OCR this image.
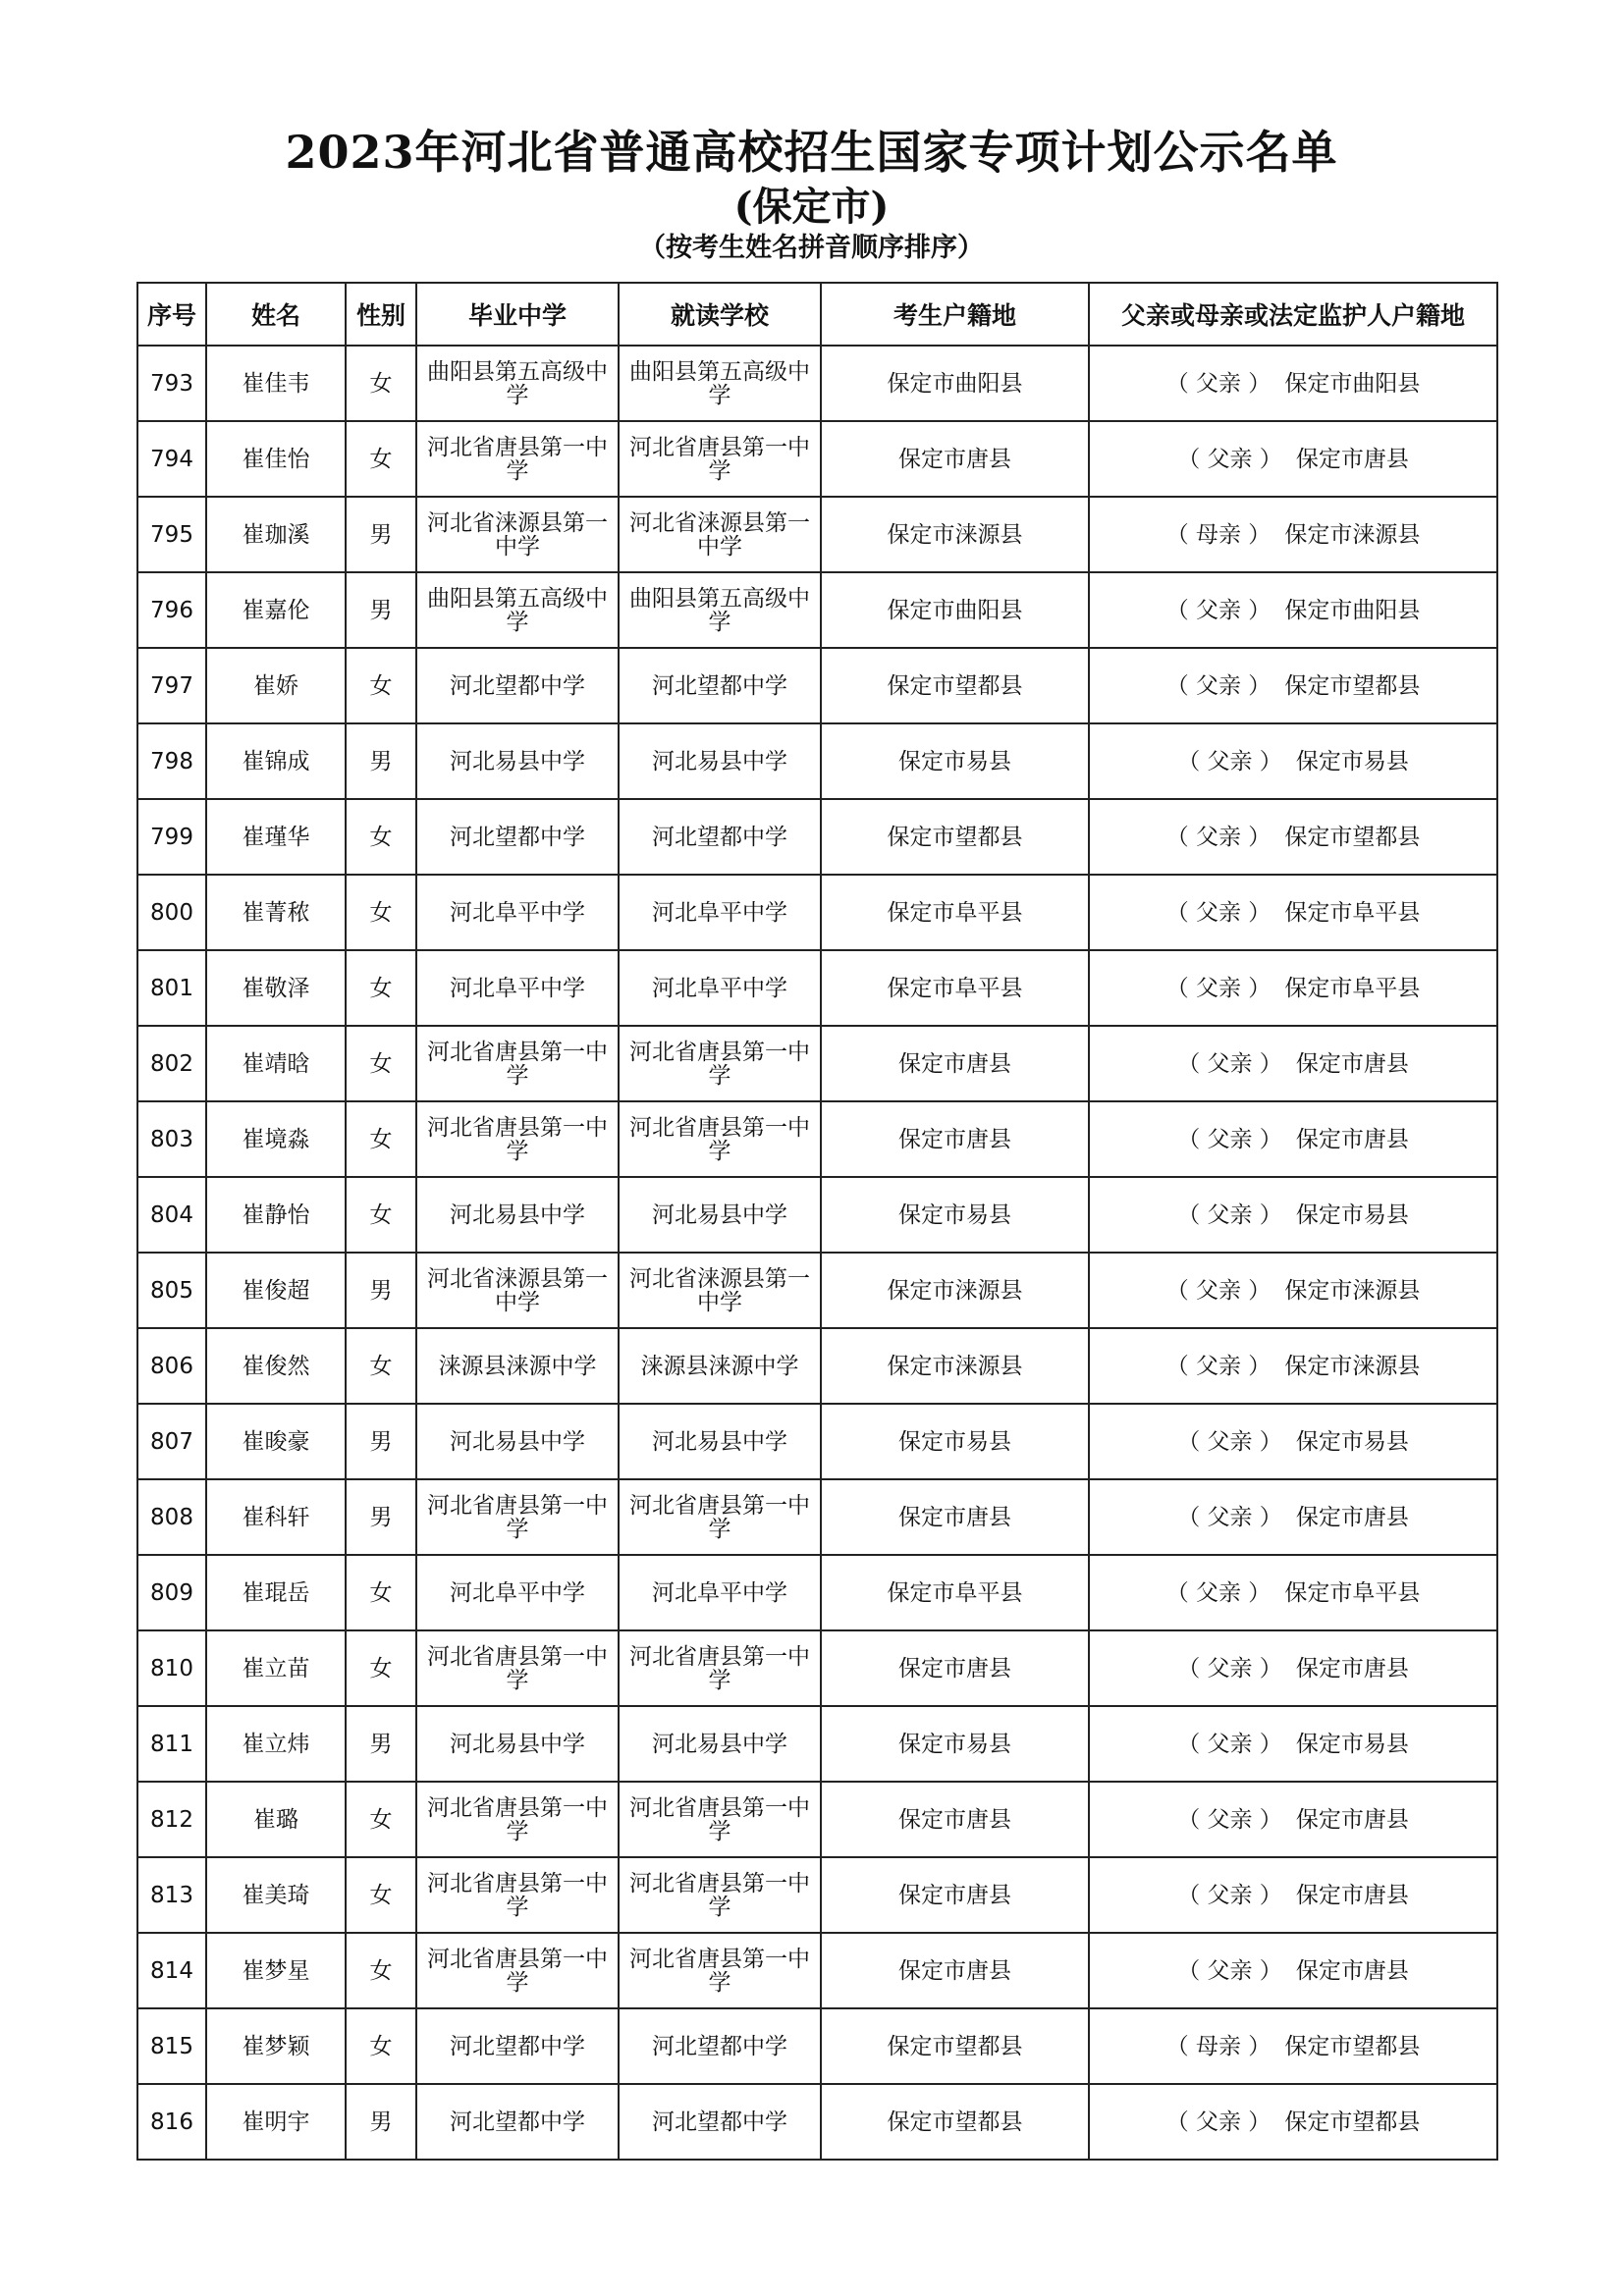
2023年河北省普通高校招生国家专项计划公示名单
(保定市)
（按考生姓名拼音顺序排序）
序号	姓名	性别	毕业中学	就读学校	考生户籍地	父亲或母亲或法定监护人户籍地
793	崔佳韦	女	曲阳县第五高级中学	曲阳县第五高级中学	保定市曲阳县	（ 父亲 ） 保定市曲阳县
794	崔佳怡	女	河北省唐县第一中学	河北省唐县第一中学	保定市唐县	（ 父亲 ） 保定市唐县
795	崔珈溪	男	河北省涞源县第一中学	河北省涞源县第一中学	保定市涞源县	（ 母亲 ） 保定市涞源县
796	崔嘉伦	男	曲阳县第五高级中学	曲阳县第五高级中学	保定市曲阳县	（ 父亲 ） 保定市曲阳县
797	崔娇	女	河北望都中学	河北望都中学	保定市望都县	（ 父亲 ） 保定市望都县
798	崔锦成	男	河北易县中学	河北易县中学	保定市易县	（ 父亲 ） 保定市易县
799	崔瑾华	女	河北望都中学	河北望都中学	保定市望都县	（ 父亲 ） 保定市望都县
800	崔菁秾	女	河北阜平中学	河北阜平中学	保定市阜平县	（ 父亲 ） 保定市阜平县
801	崔敬泽	女	河北阜平中学	河北阜平中学	保定市阜平县	（ 父亲 ） 保定市阜平县
802	崔靖晗	女	河北省唐县第一中学	河北省唐县第一中学	保定市唐县	（ 父亲 ） 保定市唐县
803	崔境淼	女	河北省唐县第一中学	河北省唐县第一中学	保定市唐县	（ 父亲 ） 保定市唐县
804	崔静怡	女	河北易县中学	河北易县中学	保定市易县	（ 父亲 ） 保定市易县
805	崔俊超	男	河北省涞源县第一中学	河北省涞源县第一中学	保定市涞源县	（ 父亲 ） 保定市涞源县
806	崔俊然	女	涞源县涞源中学	涞源县涞源中学	保定市涞源县	（ 父亲 ） 保定市涞源县
807	崔晙豪	男	河北易县中学	河北易县中学	保定市易县	（ 父亲 ） 保定市易县
808	崔科轩	男	河北省唐县第一中学	河北省唐县第一中学	保定市唐县	（ 父亲 ） 保定市唐县
809	崔琨岳	女	河北阜平中学	河北阜平中学	保定市阜平县	（ 父亲 ） 保定市阜平县
810	崔立苗	女	河北省唐县第一中学	河北省唐县第一中学	保定市唐县	（ 父亲 ） 保定市唐县
811	崔立炜	男	河北易县中学	河北易县中学	保定市易县	（ 父亲 ） 保定市易县
812	崔璐	女	河北省唐县第一中学	河北省唐县第一中学	保定市唐县	（ 父亲 ） 保定市唐县
813	崔美琦	女	河北省唐县第一中学	河北省唐县第一中学	保定市唐县	（ 父亲 ） 保定市唐县
814	崔梦星	女	河北省唐县第一中学	河北省唐县第一中学	保定市唐县	（ 父亲 ） 保定市唐县
815	崔梦颖	女	河北望都中学	河北望都中学	保定市望都县	（ 母亲 ） 保定市望都县
816	崔明宇	男	河北望都中学	河北望都中学	保定市望都县	（ 父亲 ） 保定市望都县
